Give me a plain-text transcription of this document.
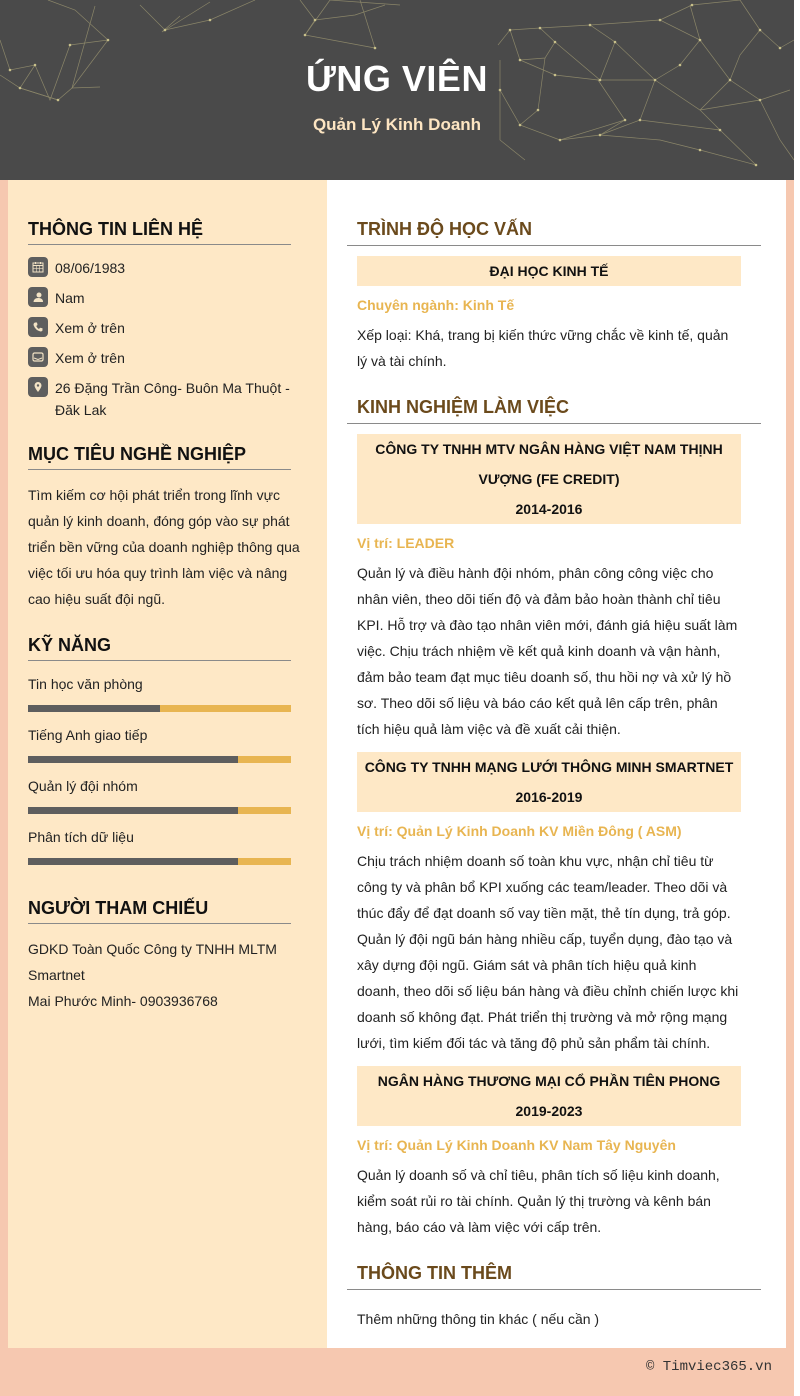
ỨNG VIÊN
Quản Lý Kinh Doanh
THÔNG TIN LIÊN HỆ
08/06/1983
Nam
Xem ở trên
Xem ở trên
26 Đặng Trần Công- Buôn Ma Thuột - Đăk Lak
MỤC TIÊU NGHỀ NGHIỆP
Tìm kiếm cơ hội phát triển trong lĩnh vực quản lý kinh doanh, đóng góp vào sự phát triển bền vững của doanh nghiệp thông qua việc tối ưu hóa quy trình làm việc và nâng cao hiệu suất đội ngũ.
KỸ NĂNG
Tin học văn phòng
Tiếng Anh giao tiếp
Quản lý đội nhóm
Phân tích dữ liệu
NGƯỜI THAM CHIẾU
GDKD Toàn Quốc Công ty TNHH MLTM Smartnet
Mai Phước Minh- 0903936768
TRÌNH ĐỘ HỌC VẤN
ĐẠI HỌC KINH TẾ
Chuyên ngành: Kinh Tế
Xếp loại: Khá, trang bị kiến thức vững chắc về kinh tế, quản lý và tài chính.
KINH NGHIỆM LÀM VIỆC
CÔNG TY TNHH MTV NGÂN HÀNG VIỆT NAM THỊNH VƯỢNG (FE CREDIT)
2014-2016
Vị trí: LEADER
Quản lý và điều hành đội nhóm, phân công công việc cho nhân viên, theo dõi tiến độ và đảm bảo hoàn thành chỉ tiêu KPI. Hỗ trợ và đào tạo nhân viên mới, đánh giá hiệu suất làm việc. Chịu trách nhiệm về kết quả kinh doanh và vận hành, đảm bảo team đạt mục tiêu doanh số, thu hồi nợ và xử lý hồ sơ. Theo dõi số liệu và báo cáo kết quả lên cấp trên, phân tích hiệu quả làm việc và đề xuất cải thiện.
CÔNG TY TNHH MẠNG LƯỚI THÔNG MINH SMARTNET
2016-2019
Vị trí: Quản Lý Kinh Doanh KV Miền Đông ( ASM)
Chịu trách nhiệm doanh số toàn khu vực, nhận chỉ tiêu từ công ty và phân bổ KPI xuống các team/leader. Theo dõi và thúc đẩy để đạt doanh số vay tiền mặt, thẻ tín dụng, trả góp. Quản lý đội ngũ bán hàng nhiều cấp, tuyển dụng, đào tạo và xây dựng đội ngũ. Giám sát và phân tích hiệu quả kinh doanh, theo dõi số liệu bán hàng và điều chỉnh chiến lược khi doanh số không đạt. Phát triển thị trường và mở rộng mạng lưới, tìm kiếm đối tác và tăng độ phủ sản phẩm tài chính.
NGÂN HÀNG THƯƠNG MẠI CỔ PHẦN TIÊN PHONG
2019-2023
Vị trí: Quản Lý Kinh Doanh KV Nam Tây Nguyên
Quản lý doanh số và chỉ tiêu, phân tích số liệu kinh doanh, kiểm soát rủi ro tài chính. Quản lý thị trường và kênh bán hàng, báo cáo và làm việc với cấp trên.
THÔNG TIN THÊM
Thêm những thông tin khác ( nếu cần )
© Timviec365.vn
